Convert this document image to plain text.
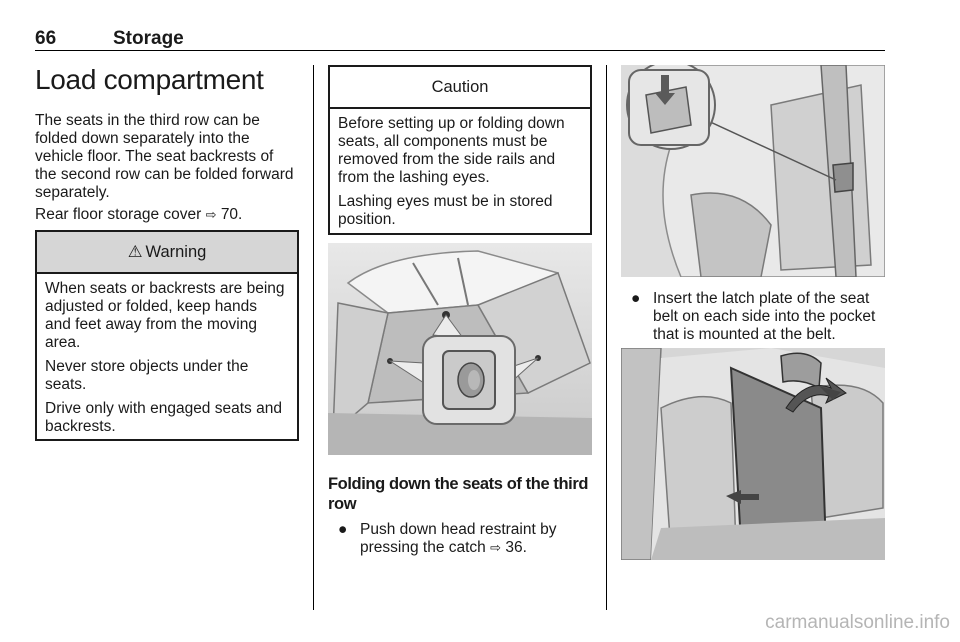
66	Storage
Load compartment
The seats in the third row can be
folded down separately into the
vehicle floor. The seat backrests of
the second row can be folded forward
separately.
Rear floor storage cover ⇨ 70.
⚠ Warning

When seats or backrests are being
adjusted or folded, keep hands
and feet away from the moving
area.

Never store objects under the
seats.

Drive only with engaged seats and
backrests.

Caution

Before setting up or folding down
seats, all components must be
removed from the side rails and
from the lashing eyes.

Lashing eyes must be in stored
position.

Folding down the seats of the third
row
● Push down head restraint by
pressing the catch ⇨ 36.
● Insert the latch plate of the seat
belt on each side into the pocket
that is mounted at the belt.
carmanualsonline.info
